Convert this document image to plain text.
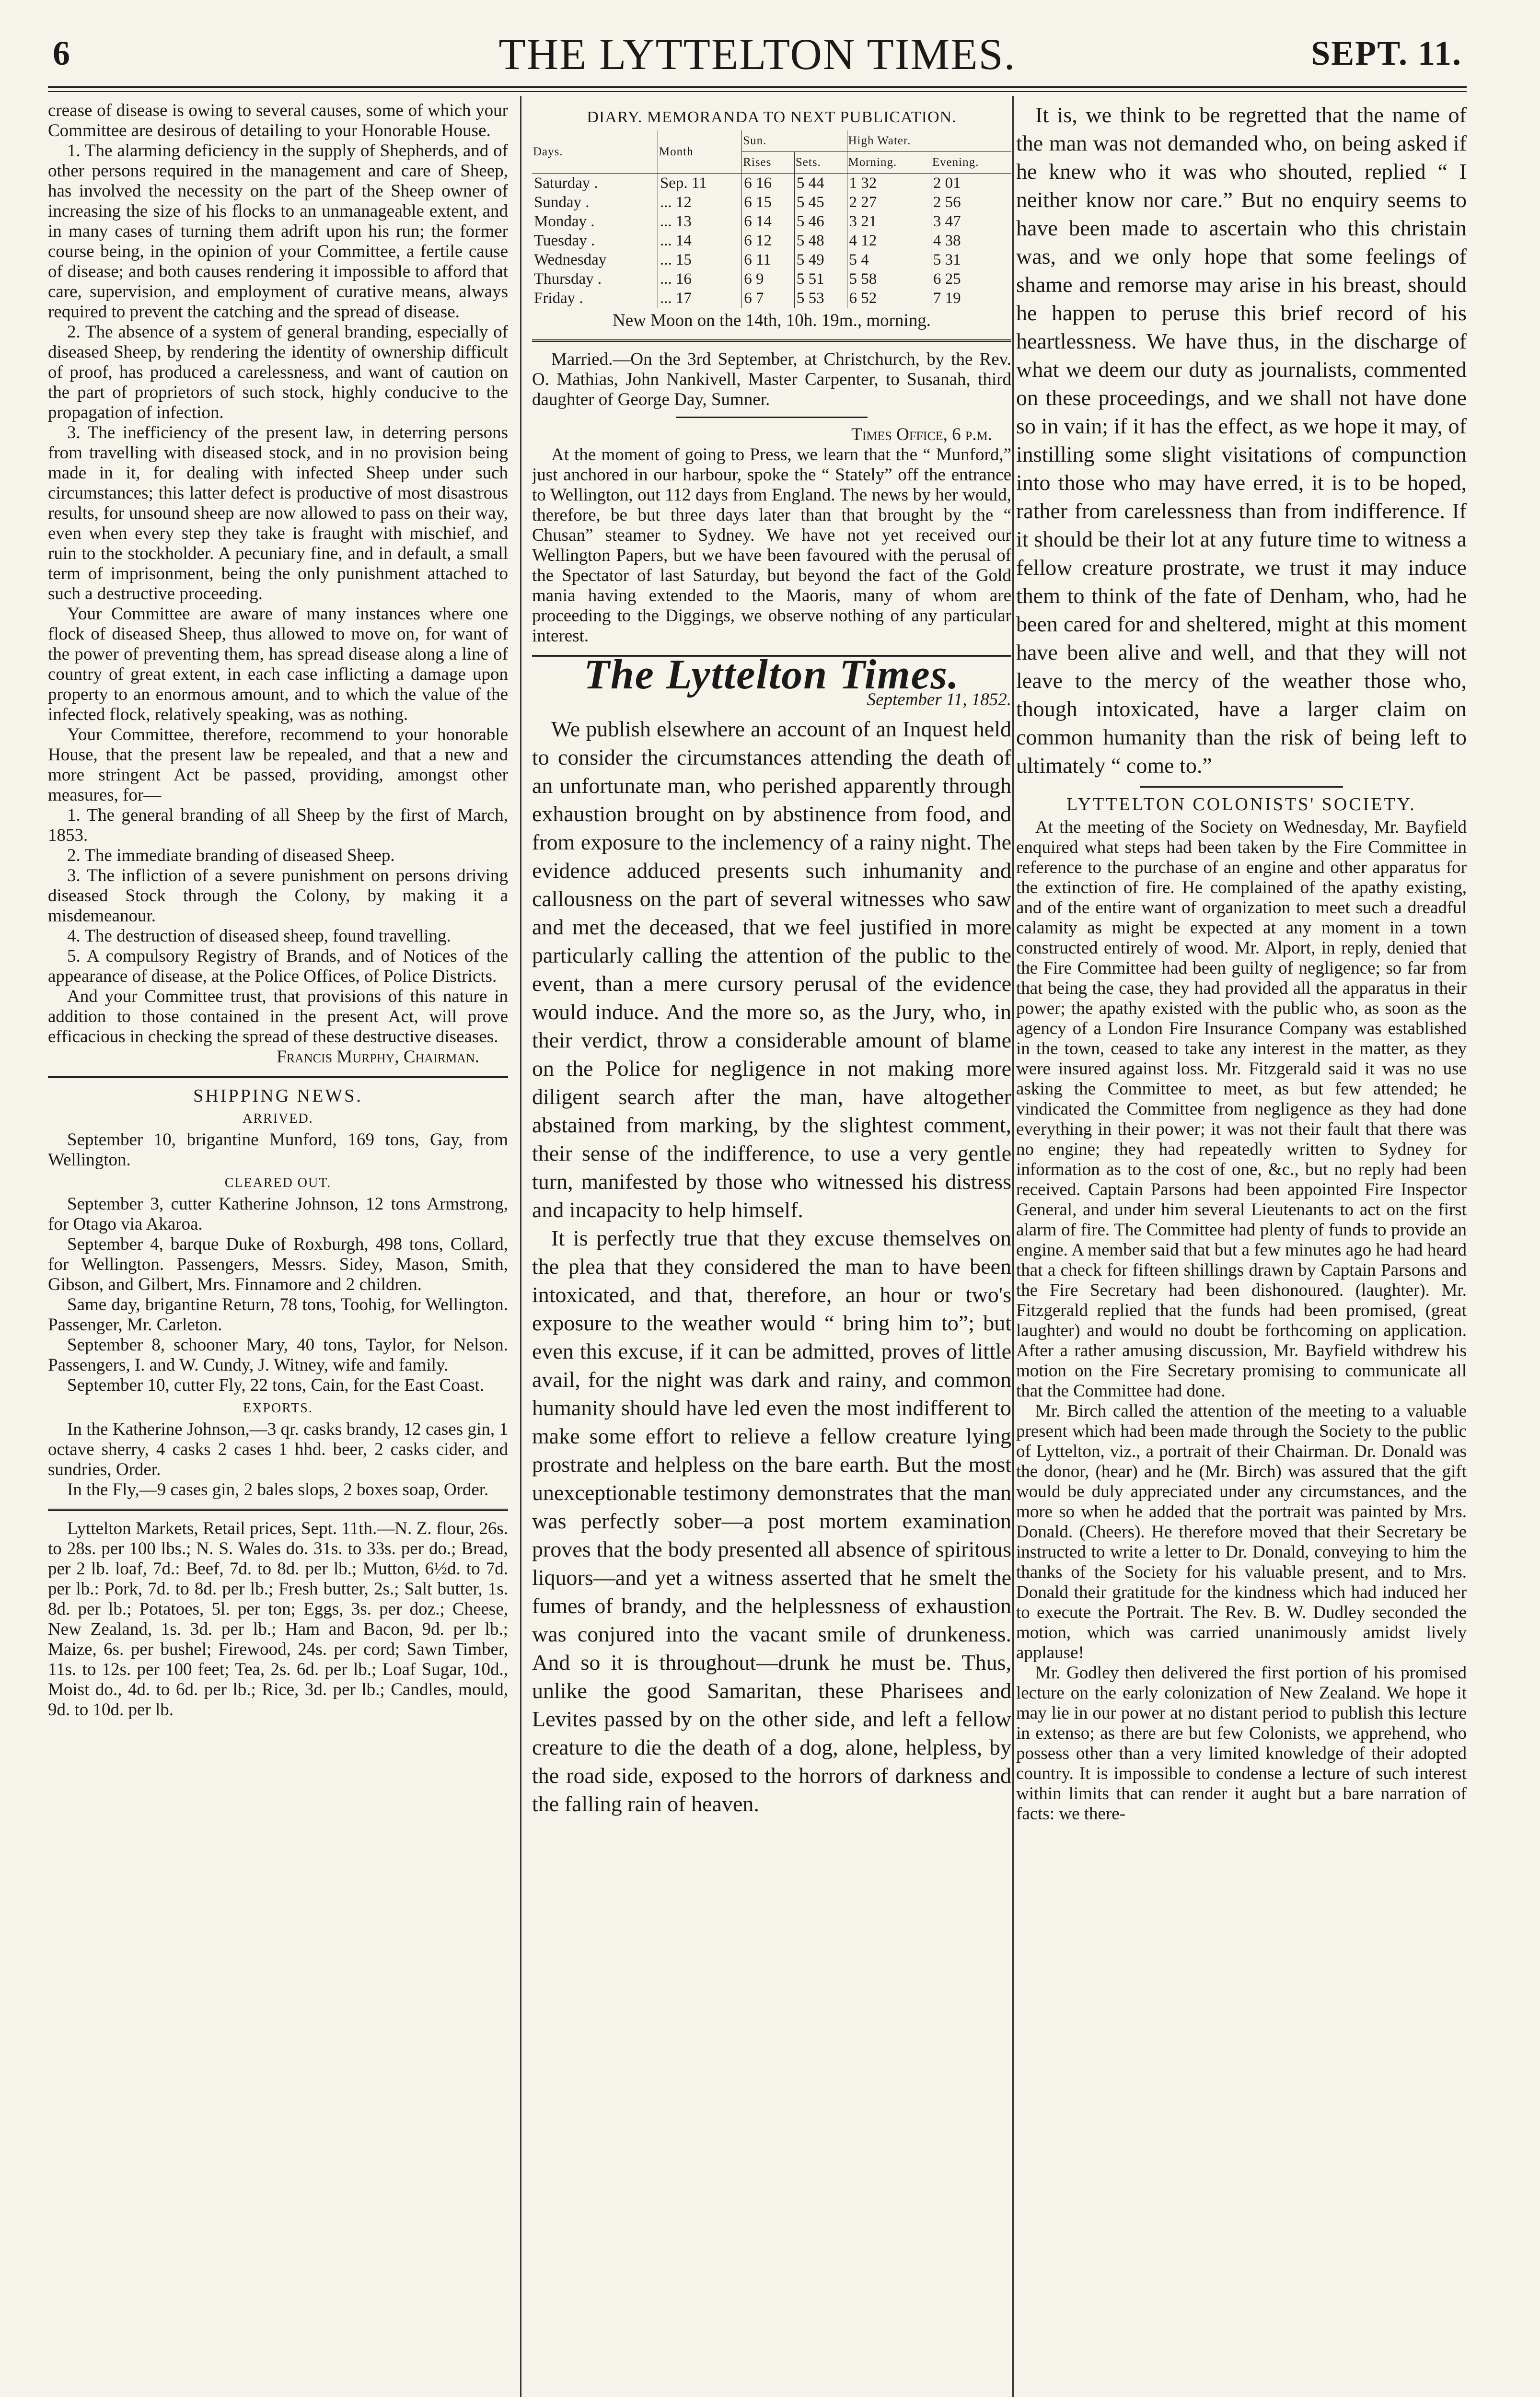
6	THE LYTTELTON TIMES.	SEPT. 11.

crease of disease is owing to several causes, some of which your Committee are desirous of detailing to your Honorable House.

1. The alarming deficiency in the supply of Shepherds, and of other persons required in the management and care of Sheep, has involved the necessity on the part of the Sheep owner of increasing the size of his flocks to an unmanageable extent, and in many cases of turning them adrift upon his run; the former course being, in the opinion of your Committee, a fertile cause of disease; and both causes rendering it impossible to afford that care, supervision, and employment of curative means, always required to prevent the catching and the spread of disease.

2. The absence of a system of general branding, especially of diseased Sheep, by rendering the identity of ownership difficult of proof, has produced a carelessness, and want of caution on the part of proprietors of such stock, highly conducive to the propagation of infection.

3. The inefficiency of the present law, in deterring persons from travelling with diseased stock, and in no provision being made in it, for dealing with infected Sheep under such circumstances; this latter defect is productive of most disastrous results, for unsound sheep are now allowed to pass on their way, even when every step they take is fraught with mischief, and ruin to the stockholder. A pecuniary fine, and in default, a small term of imprisonment, being the only punishment attached to such a destructive proceeding.

Your Committee are aware of many instances where one flock of diseased Sheep, thus allowed to move on, for want of the power of preventing them, has spread disease along a line of country of great extent, in each case inflicting a damage upon property to an enormous amount, and to which the value of the infected flock, relatively speaking, was as nothing.

Your Committee, therefore, recommend to your honorable House, that the present law be repealed, and that a new and more stringent Act be passed, providing, amongst other measures, for—

1. The general branding of all Sheep by the first of March, 1853.

2. The immediate branding of diseased Sheep.

3. The infliction of a severe punishment on persons driving diseased Stock through the Colony, by making it a misdemeanour.

4. The destruction of diseased sheep, found travelling.

5. A compulsory Registry of Brands, and of Notices of the appearance of disease, at the Police Offices, of Police Districts.

And your Committee trust, that provisions of this nature in addition to those contained in the present Act, will prove efficacious in checking the spread of these destructive diseases.

Francis Murphy, Chairman.

SHIPPING NEWS.

ARRIVED.

September 10, brigantine Munford, 169 tons, Gay, from Wellington.

CLEARED OUT.

September 3, cutter Katherine Johnson, 12 tons Armstrong, for Otago via Akaroa.

September 4, barque Duke of Roxburgh, 498 tons, Collard, for Wellington. Passengers, Messrs. Sidey, Mason, Smith, Gibson, and Gilbert, Mrs. Finnamore and 2 children.

Same day, brigantine Return, 78 tons, Toohig, for Wellington. Passenger, Mr. Carleton.

September 8, schooner Mary, 40 tons, Taylor, for Nelson. Passengers, I. and W. Cundy, J. Witney, wife and family.

September 10, cutter Fly, 22 tons, Cain, for the East Coast.

EXPORTS.

In the Katherine Johnson,—3 qr. casks brandy, 12 cases gin, 1 octave sherry, 4 casks 2 cases 1 hhd. beer, 2 casks cider, and sundries, Order.

In the Fly,—9 cases gin, 2 bales slops, 2 boxes soap, Order.

Lyttelton Markets, Retail prices, Sept. 11th.—N. Z. flour, 26s. to 28s. per 100 lbs.; N. S. Wales do. 31s. to 33s. per do.; Bread, per 2 lb. loaf, 7d.: Beef, 7d. to 8d. per lb.; Mutton, 6½d. to 7d. per lb.: Pork, 7d. to 8d. per lb.; Fresh butter, 2s.; Salt butter, 1s. 8d. per lb.; Potatoes, 5l. per ton; Eggs, 3s. per doz.; Cheese, New Zealand, 1s. 3d. per lb.; Ham and Bacon, 9d. per lb.; Maize, 6s. per bushel; Firewood, 24s. per cord; Sawn Timber, 11s. to 12s. per 100 feet; Tea, 2s. 6d. per lb.; Loaf Sugar, 10d., Moist do., 4d. to 6d. per lb.; Rice, 3d. per lb.; Candles, mould, 9d. to 10d. per lb.

DIARY. MEMORANDA TO NEXT PUBLICATION.

Days.	Month	Sun.		High Water.	
		Rises	Sets.	Morning.	Evening.
Saturday .	Sep. 11	6 16	5 44	1 32	2 01
Sunday .	... 12	6 15	5 45	2 27	2 56
Monday .	... 13	6 14	5 46	3 21	3 47
Tuesday .	... 14	6 12	5 48	4 12	4 38
Wednesday	... 15	6 11	5 49	5 4	5 31
Thursday .	... 16	6 9	5 51	5 58	6 25
Friday .	... 17	6 7	5 53	6 52	7 19

New Moon on the 14th, 10h. 19m., morning.

Married.—On the 3rd September, at Christchurch, by the Rev. O. Mathias, John Nankivell, Master Carpenter, to Susanah, third daughter of George Day, Sumner.

Times Office, 6 p.m.

At the moment of going to Press, we learn that the “ Munford,” just anchored in our harbour, spoke the “ Stately” off the entrance to Wellington, out 112 days from England. The news by her would, therefore, be but three days later than that brought by the “ Chusan” steamer to Sydney. We have not yet received our Wellington Papers, but we have been favoured with the perusal of the Spectator of last Saturday, but beyond the fact of the Gold mania having extended to the Maoris, many of whom are proceeding to the Diggings, we observe nothing of any particular interest.

The Lyttelton Times.

September 11, 1852.

We publish elsewhere an account of an Inquest held to consider the circumstances attending the death of an unfortunate man, who perished apparently through exhaustion brought on by abstinence from food, and from exposure to the inclemency of a rainy night. The evidence adduced presents such inhumanity and callousness on the part of several witnesses who saw and met the deceased, that we feel justified in more particularly calling the attention of the public to the event, than a mere cursory perusal of the evidence would induce. And the more so, as the Jury, who, in their verdict, throw a considerable amount of blame on the Police for negligence in not making more diligent search after the man, have altogether abstained from marking, by the slightest comment, their sense of the indifference, to use a very gentle turn, manifested by those who witnessed his distress and incapacity to help himself.

It is perfectly true that they excuse themselves on the plea that they considered the man to have been intoxicated, and that, therefore, an hour or two's exposure to the weather would “ bring him to”; but even this excuse, if it can be admitted, proves of little avail, for the night was dark and rainy, and common humanity should have led even the most indifferent to make some effort to relieve a fellow creature lying prostrate and helpless on the bare earth. But the most unexceptionable testimony demonstrates that the man was perfectly sober—a post mortem examination proves that the body presented all absence of spiritous liquors—and yet a witness asserted that he smelt the fumes of brandy, and the helplessness of exhaustion was conjured into the vacant smile of drunkeness. And so it is throughout—drunk he must be. Thus, unlike the good Samaritan, these Pharisees and Levites passed by on the other side, and left a fellow creature to die the death of a dog, alone, helpless, by the road side, exposed to the horrors of darkness and the falling rain of heaven.

It is, we think to be regretted that the name of the man was not demanded who, on being asked if he knew who it was who shouted, replied “ I neither know nor care.” But no enquiry seems to have been made to ascertain who this christain was, and we only hope that some feelings of shame and remorse may arise in his breast, should he happen to peruse this brief record of his heartlessness. We have thus, in the discharge of what we deem our duty as journalists, commented on these proceedings, and we shall not have done so in vain; if it has the effect, as we hope it may, of instilling some slight visitations of compunction into those who may have erred, it is to be hoped, rather from carelessness than from indifference. If it should be their lot at any future time to witness a fellow creature prostrate, we trust it may induce them to think of the fate of Denham, who, had he been cared for and sheltered, might at this moment have been alive and well, and that they will not leave to the mercy of the weather those who, though intoxicated, have a larger claim on common humanity than the risk of being left to ultimately “ come to.”

LYTTELTON COLONISTS' SOCIETY.

At the meeting of the Society on Wednesday, Mr. Bayfield enquired what steps had been taken by the Fire Committee in reference to the purchase of an engine and other apparatus for the extinction of fire. He complained of the apathy existing, and of the entire want of organization to meet such a dreadful calamity as might be expected at any moment in a town constructed entirely of wood. Mr. Alport, in reply, denied that the Fire Committee had been guilty of negligence; so far from that being the case, they had provided all the apparatus in their power; the apathy existed with the public who, as soon as the agency of a London Fire Insurance Company was established in the town, ceased to take any interest in the matter, as they were insured against loss. Mr. Fitzgerald said it was no use asking the Committee to meet, as but few attended; he vindicated the Committee from negligence as they had done everything in their power; it was not their fault that there was no engine; they had repeatedly written to Sydney for information as to the cost of one, &c., but no reply had been received. Captain Parsons had been appointed Fire Inspector General, and under him several Lieutenants to act on the first alarm of fire. The Committee had plenty of funds to provide an engine. A member said that but a few minutes ago he had heard that a check for fifteen shillings drawn by Captain Parsons and the Fire Secretary had been dishonoured. (laughter). Mr. Fitzgerald replied that the funds had been promised, (great laughter) and would no doubt be forthcoming on application. After a rather amusing discussion, Mr. Bayfield withdrew his motion on the Fire Secretary promising to communicate all that the Committee had done.

Mr. Birch called the attention of the meeting to a valuable present which had been made through the Society to the public of Lyttelton, viz., a portrait of their Chairman. Dr. Donald was the donor, (hear) and he (Mr. Birch) was assured that the gift would be duly appreciated under any circumstances, and the more so when he added that the portrait was painted by Mrs. Donald. (Cheers). He therefore moved that their Secretary be instructed to write a letter to Dr. Donald, conveying to him the thanks of the Society for his valuable present, and to Mrs. Donald their gratitude for the kindness which had induced her to execute the Portrait. The Rev. B. W. Dudley seconded the motion, which was carried unanimously amidst lively applause!

Mr. Godley then delivered the first portion of his promised lecture on the early colonization of New Zealand. We hope it may lie in our power at no distant period to publish this lecture in extenso; as there are but few Colonists, we apprehend, who possess other than a very limited knowledge of their adopted country. It is impossible to condense a lecture of such interest within limits that can render it aught but a bare narration of facts: we there-
